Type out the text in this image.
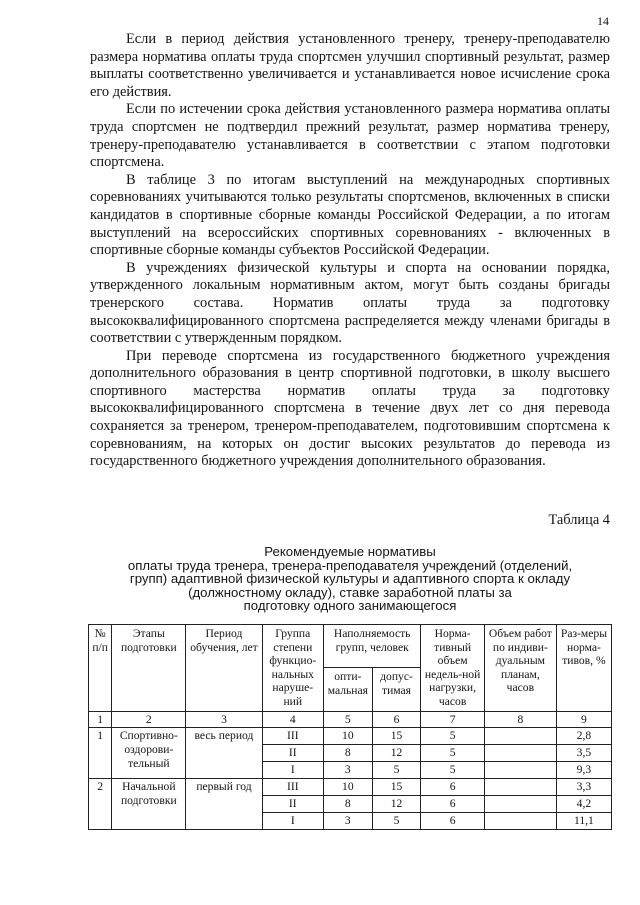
14

Если в период действия установленного тренеру, тренеру-преподавателю размера норматива оплаты труда спортсмен улучшил спортивный результат, размер выплаты соответственно увеличивается и устанавливается новое исчисление срока его действия.

Если по истечении срока действия установленного размера норматива оплаты труда спортсмен не подтвердил прежний результат, размер норматива тренеру, тренеру-преподавателю устанавливается в соответствии с этапом подготовки спортсмена.

В таблице 3 по итогам выступлений на международных спортивных соревнованиях учитываются только результаты спортсменов, включенных в списки кандидатов в спортивные сборные команды Российской Федерации, а по итогам выступлений на всероссийских спортивных соревнованиях - включенных в спортивные сборные команды субъектов Российской Федерации.

В учреждениях физической культуры и спорта на основании порядка, утвержденного локальным нормативным актом, могут быть созданы бригады тренерского состава. Норматив оплаты труда за подготовку высококвалифицированного спортсмена распределяется между членами бригады в соответствии с утвержденным порядком.

При переводе спортсмена из государственного бюджетного учреждения дополнительного образования в центр спортивной подготовки, в школу высшего спортивного мастерства норматив оплаты труда за подготовку высококвалифицированного спортсмена в течение двух лет со дня перевода сохраняется за тренером, тренером-преподавателем, подготовившим спортсмена к соревнованиям, на которых он достиг высоких результатов до перевода из государственного бюджетного учреждения дополнительного образования.

Таблица 4
Рекомендуемые нормативы
оплаты труда тренера, тренера-преподавателя учреждений (отделений,
групп) адаптивной физической культуры и адаптивного спорта к окладу
(должностному окладу), ставке заработной платы за
подготовку одного занимающегося
№ п/п	Этапы подготовки	Период обучения, лет	Группа степени функцио-нальных наруше-ний	Наполняемость групп, человек		Норма-тивный объем недель-ной нагрузки, часов	Объем работ по индиви-дуальным планам, часов	Раз-меры норма-тивов, %
				опти-мальная	допус-тимая			
1	2	3	4	5	6	7	8	9
1	Спортивно-оздорови-тельный	весь период	III	10	15	5		2,8
			II	8	12	5		3,5
			I	3	5	5		9,3
2	Начальной подготовки	первый год	III	10	15	6		3,3
			II	8	12	6		4,2
			I	3	5	6		11,1
